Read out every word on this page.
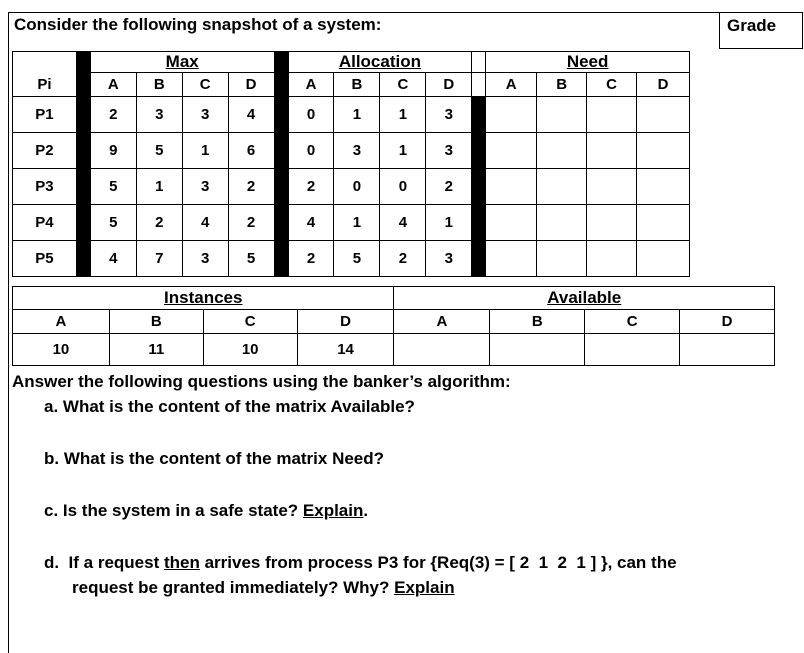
Consider the following snapshot of a system:	Grade
		Max					Allocation					Need			
Pi		A	B	C	D		A	B	C	D		A	B	C	D
P1		2	3	3	4		0	1	1	3					
P2		9	5	1	6		0	3	1	3					
P3		5	1	3	2		2	0	0	2					
P4		5	2	4	2		4	1	4	1					
P5		4	7	3	5		2	5	2	3					
Instances				Available			
A	B	C	D	A	B	C	D
10	11	10	14				
Answer the following questions using the banker’s algorithm:
a. What is the content of the matrix Available?
b. What is the content of the matrix Need?
c. Is the system in a safe state? Explain.
d.  If a request then arrives from process P3 for {Req(3) = [ 2  1  2  1 ] }, can the
request be granted immediately? Why? Explain
